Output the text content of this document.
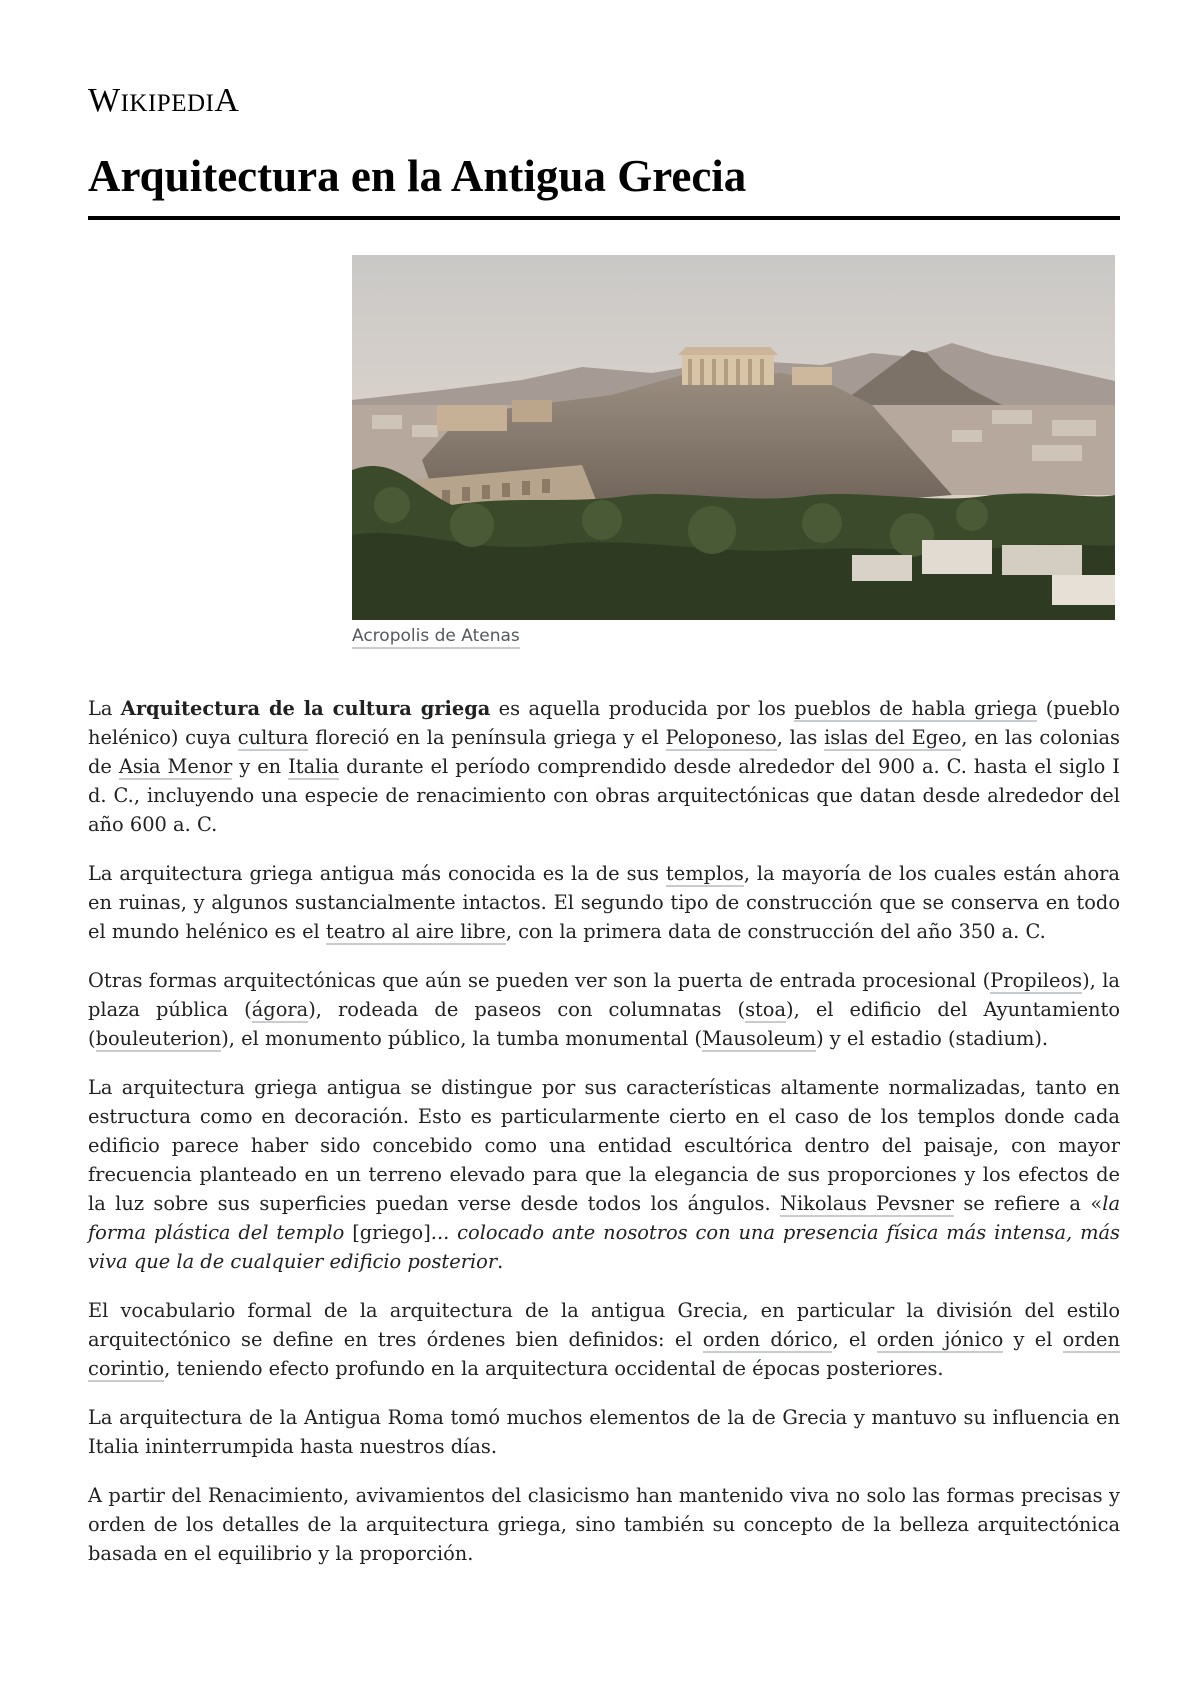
WIKIPEDIA
Arquitectura en la Antigua Grecia
Acropolis de Atenas

La Arquitectura de la cultura griega es aquella producida por los pueblos de habla griega (pueblo helénico) cuya cultura floreció en la península griega y el Peloponeso, las islas del Egeo, en las colonias de Asia Menor y en Italia durante el período comprendido desde alrededor del 900 a. C. hasta el siglo I d. C., incluyendo una especie de renacimiento con obras arquitectónicas que datan desde alrededor del año 600 a. C.

La arquitectura griega antigua más conocida es la de sus templos, la mayoría de los cuales están ahora en ruinas, y algunos sustancialmente intactos. El segundo tipo de construcción que se conserva en todo el mundo helénico es el teatro al aire libre, con la primera data de construcción del año 350 a. C.

Otras formas arquitectónicas que aún se pueden ver son la puerta de entrada procesional (Propileos), la plaza pública (ágora), rodeada de paseos con columnatas (stoa), el edificio del Ayuntamiento (bouleuterion), el monumento público, la tumba monumental (Mausoleum) y el estadio (stadium).

La arquitectura griega antigua se distingue por sus características altamente normalizadas, tanto en estructura como en decoración. Esto es particularmente cierto en el caso de los templos donde cada edificio parece haber sido concebido como una entidad escultórica dentro del paisaje, con mayor frecuencia planteado en un terreno elevado para que la elegancia de sus proporciones y los efectos de la luz sobre sus superficies puedan verse desde todos los ángulos. Nikolaus Pevsner se refiere a «la forma plástica del templo [griego]... colocado ante nosotros con una presencia física más intensa, más viva que la de cualquier edificio posterior.

El vocabulario formal de la arquitectura de la antigua Grecia, en particular la división del estilo arquitectónico se define en tres órdenes bien definidos: el orden dórico, el orden jónico y el orden corintio, teniendo efecto profundo en la arquitectura occidental de épocas posteriores.

La arquitectura de la Antigua Roma tomó muchos elementos de la de Grecia y mantuvo su influencia en Italia ininterrumpida hasta nuestros días.

A partir del Renacimiento, avivamientos del clasicismo han mantenido viva no solo las formas precisas y orden de los detalles de la arquitectura griega, sino también su concepto de la belleza arquitectónica basada en el equilibrio y la proporción.
